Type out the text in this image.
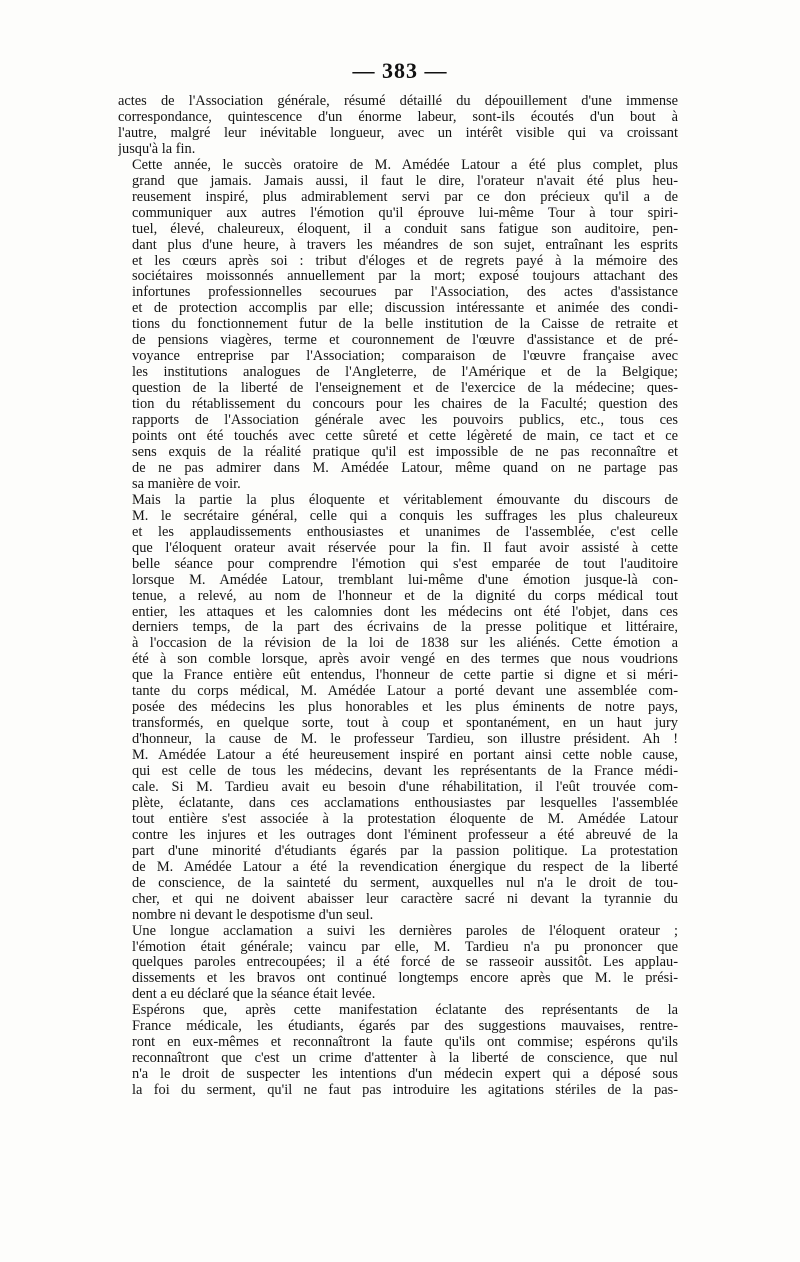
— 383 —

actes de l'Association générale, résumé détaillé du dépouillement d'une immense
correspondance, quintescence d'un énorme labeur, sont-ils écoutés d'un bout à
l'autre, malgré leur inévitable longueur, avec un intérêt visible qui va croissant
jusqu'à la fin.

Cette année, le succès oratoire de M. Amédée Latour a été plus complet, plus
grand que jamais. Jamais aussi, il faut le dire, l'orateur n'avait été plus heu-
reusement inspiré, plus admirablement servi par ce don précieux qu'il a de
communiquer aux autres l'émotion qu'il éprouve lui-même Tour à tour spiri-
tuel, élevé, chaleureux, éloquent, il a conduit sans fatigue son auditoire, pen-
dant plus d'une heure, à travers les méandres de son sujet, entraînant les esprits
et les cœurs après soi : tribut d'éloges et de regrets payé à la mémoire des
sociétaires moissonnés annuellement par la mort; exposé toujours attachant des
infortunes professionnelles secourues par l'Association, des actes d'assistance
et de protection accomplis par elle; discussion intéressante et animée des condi-
tions du fonctionnement futur de la belle institution de la Caisse de retraite et
de pensions viagères, terme et couronnement de l'œuvre d'assistance et de pré-
voyance entreprise par l'Association; comparaison de l'œuvre française avec
les institutions analogues de l'Angleterre, de l'Amérique et de la Belgique;
question de la liberté de l'enseignement et de l'exercice de la médecine; ques-
tion du rétablissement du concours pour les chaires de la Faculté; question des
rapports de l'Association générale avec les pouvoirs publics, etc., tous ces
points ont été touchés avec cette sûreté et cette légèreté de main, ce tact et ce
sens exquis de la réalité pratique qu'il est impossible de ne pas reconnaître et
de ne pas admirer dans M. Amédée Latour, même quand on ne partage pas
sa manière de voir.

Mais la partie la plus éloquente et véritablement émouvante du discours de
M. le secrétaire général, celle qui a conquis les suffrages les plus chaleureux
et les applaudissements enthousiastes et unanimes de l'assemblée, c'est celle
que l'éloquent orateur avait réservée pour la fin. Il faut avoir assisté à cette
belle séance pour comprendre l'émotion qui s'est emparée de tout l'auditoire
lorsque M. Amédée Latour, tremblant lui-même d'une émotion jusque-là con-
tenue, a relevé, au nom de l'honneur et de la dignité du corps médical tout
entier, les attaques et les calomnies dont les médecins ont été l'objet, dans ces
derniers temps, de la part des écrivains de la presse politique et littéraire,
à l'occasion de la révision de la loi de 1838 sur les aliénés. Cette émotion a
été à son comble lorsque, après avoir vengé en des termes que nous voudrions
que la France entière eût entendus, l'honneur de cette partie si digne et si méri-
tante du corps médical, M. Amédée Latour a porté devant une assemblée com-
posée des médecins les plus honorables et les plus éminents de notre pays,
transformés, en quelque sorte, tout à coup et spontanément, en un haut jury
d'honneur, la cause de M. le professeur Tardieu, son illustre président. Ah !
M. Amédée Latour a été heureusement inspiré en portant ainsi cette noble cause,
qui est celle de tous les médecins, devant les représentants de la France médi-
cale. Si M. Tardieu avait eu besoin d'une réhabilitation, il l'eût trouvée com-
plète, éclatante, dans ces acclamations enthousiastes par lesquelles l'assemblée
tout entière s'est associée à la protestation éloquente de M. Amédée Latour
contre les injures et les outrages dont l'éminent professeur a été abreuvé de la
part d'une minorité d'étudiants égarés par la passion politique. La protestation
de M. Amédée Latour a été la revendication énergique du respect de la liberté
de conscience, de la sainteté du serment, auxquelles nul n'a le droit de tou-
cher, et qui ne doivent abaisser leur caractère sacré ni devant la tyrannie du
nombre ni devant le despotisme d'un seul.

Une longue acclamation a suivi les dernières paroles de l'éloquent orateur ;
l'émotion était générale; vaincu par elle, M. Tardieu n'a pu prononcer que
quelques paroles entrecoupées; il a été forcé de se rasseoir aussitôt. Les applau-
dissements et les bravos ont continué longtemps encore après que M. le prési-
dent a eu déclaré que la séance était levée.

Espérons que, après cette manifestation éclatante des représentants de la
France médicale, les étudiants, égarés par des suggestions mauvaises, rentre-
ront en eux-mêmes et reconnaîtront la faute qu'ils ont commise; espérons qu'ils
reconnaîtront que c'est un crime d'attenter à la liberté de conscience, que nul
n'a le droit de suspecter les intentions d'un médecin expert qui a déposé sous
la foi du serment, qu'il ne faut pas introduire les agitations stériles de la pas-
